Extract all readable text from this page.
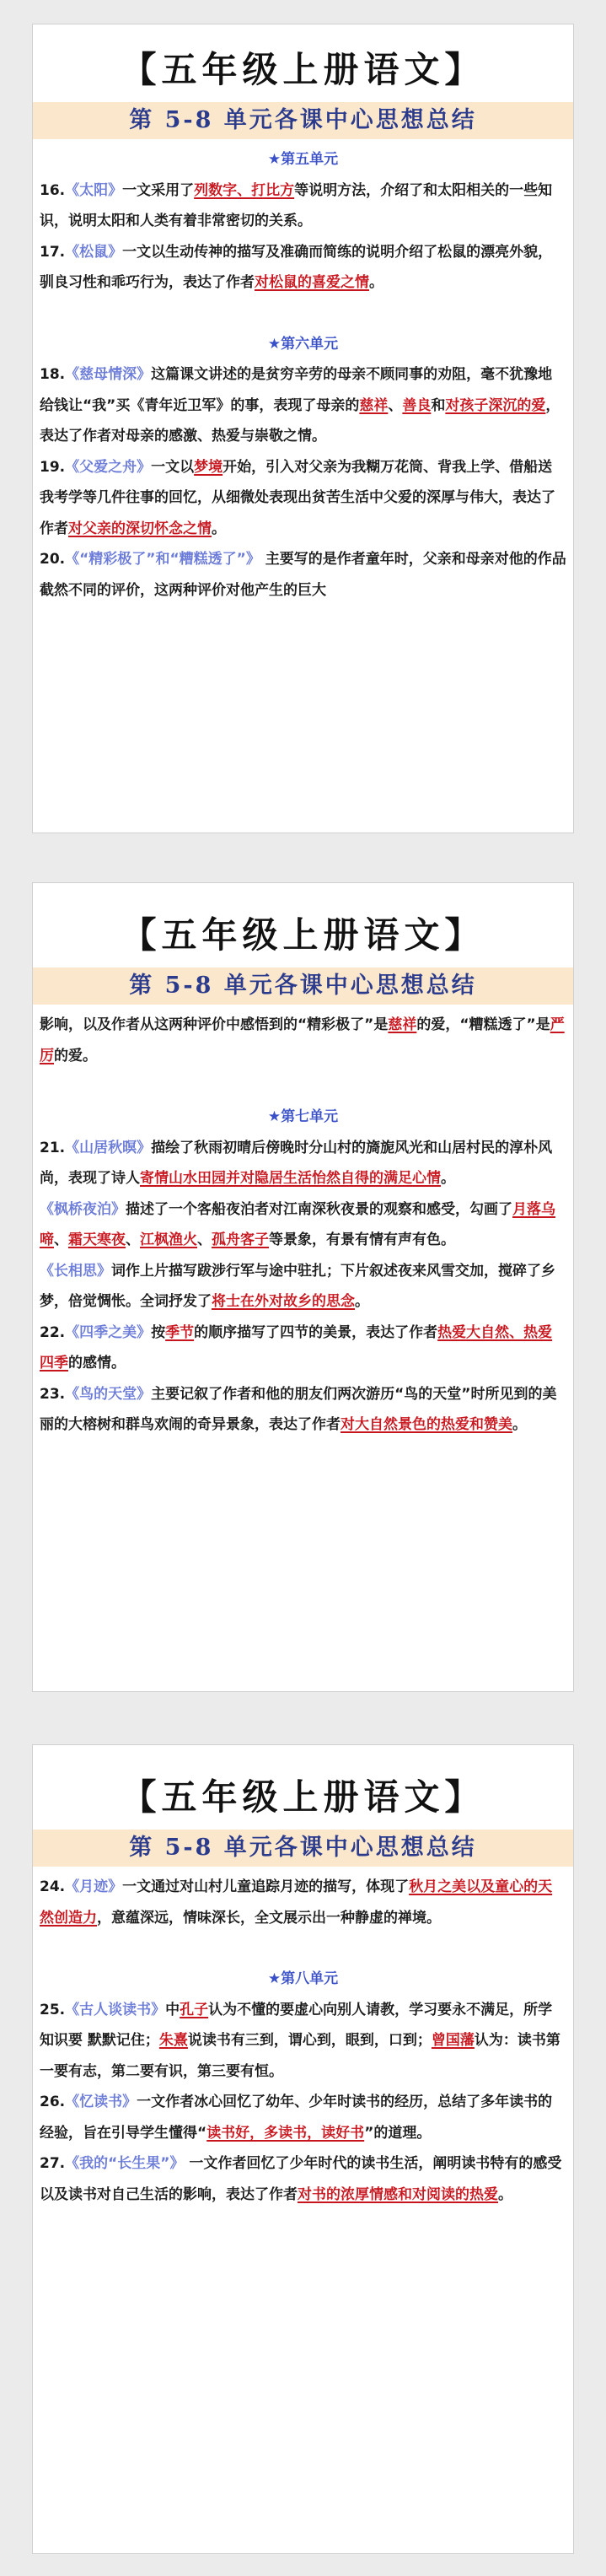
【五年级上册语文】
第 5-8 单元各课中心思想总结
★第五单元

16.《太阳》一文采用了列数字、打比方等说明方法，介绍了和太阳相关的一些知识，说明太阳和人类有着非常密切的关系。

17.《松鼠》一文以生动传神的描写及准确而简练的说明介绍了松鼠的漂亮外貌，驯良习性和乖巧行为，表达了作者对松鼠的喜爱之情。

★第六单元

18.《慈母情深》这篇课文讲述的是贫穷辛劳的母亲不顾同事的劝阻，毫不犹豫地给钱让“我”买《青年近卫军》的事，表现了母亲的慈祥、善良和对孩子深沉的爱，表达了作者对母亲的感激、热爱与崇敬之情。

19.《父爱之舟》一文以梦境开始，引入对父亲为我糊万花筒、背我上学、借船送我考学等几件往事的回忆，从细微处表现出贫苦生活中父爱的深厚与伟大，表达了作者对父亲的深切怀念之情。

20.《“精彩极了”和“糟糕透了”》 主要写的是作者童年时，父亲和母亲对他的作品截然不同的评价，这两种评价对他产生的巨大

【五年级上册语文】
第 5-8 单元各课中心思想总结

影响，以及作者从这两种评价中感悟到的“精彩极了”是慈祥的爱，“糟糕透了”是严厉的爱。

★第七单元

21.《山居秋暝》描绘了秋雨初晴后傍晚时分山村的旖旎风光和山居村民的淳朴风尚，表现了诗人寄情山水田园并对隐居生活怡然自得的满足心情。

《枫桥夜泊》描述了一个客船夜泊者对江南深秋夜景的观察和感受，勾画了月落乌啼、霜天寒夜、江枫渔火、孤舟客子等景象，有景有情有声有色。

《长相思》词作上片描写跋涉行军与途中驻扎；下片叙述夜来风雪交加，搅碎了乡梦，倍觉惆怅。全词抒发了将士在外对故乡的思念。

22.《四季之美》按季节的顺序描写了四节的美景，表达了作者热爱大自然、热爱四季的感情。

23.《鸟的天堂》主要记叙了作者和他的朋友们两次游历“鸟的天堂”时所见到的美丽的大榕树和群鸟欢闹的奇异景象，表达了作者对大自然景色的热爱和赞美。

【五年级上册语文】
第 5-8 单元各课中心思想总结

24.《月迹》一文通过对山村儿童追踪月迹的描写，体现了秋月之美以及童心的天然创造力，意蕴深远，情味深长，全文展示出一种静虚的禅境。

★第八单元

25.《古人谈读书》中孔子认为不懂的要虚心向别人请教，学习要永不满足，所学知识要 默默记住；朱熹说读书有三到，谓心到，眼到，口到；曾国藩认为：读书第一要有志，第二要有识，第三要有恒。

26.《忆读书》一文作者冰心回忆了幼年、少年时读书的经历，总结了多年读书的经验，旨在引导学生懂得“读书好，多读书，读好书”的道理。

27.《我的“长生果”》 一文作者回忆了少年时代的读书生活，阐明读书特有的感受以及读书对自己生活的影响，表达了作者对书的浓厚情感和对阅读的热爱。
